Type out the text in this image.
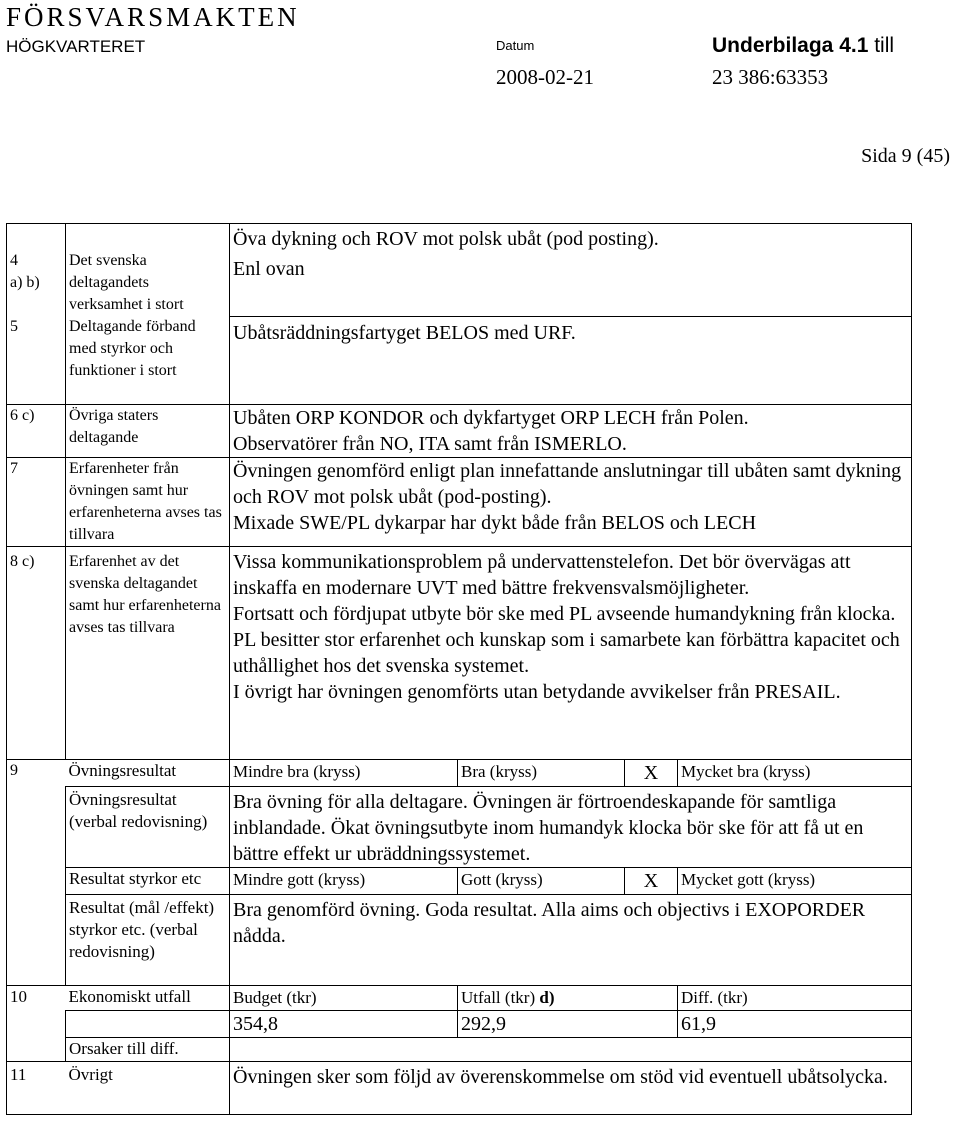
FÖRSVARSMAKTEN
HÖGKVARTERET	Datum	Underbilaga 4.1 till
2008-02-21	23 386:63353
Sida 9 (45)
4
a) b)	Det svenska deltagandets verksamhet i stort	Öva dykning och ROV mot polsk ubåt (pod posting).
Enl ovan			
5	Deltagande förband med styrkor och funktioner i stort	Ubåtsräddningsfartyget BELOS med URF.			
6 c)	Övriga staters deltagande	Ubåten ORP KONDOR och dykfartyget ORP LECH från Polen.
Observatörer från NO, ITA samt från ISMERLO.			
7	Erfarenheter från övningen samt hur erfarenheterna avses tas tillvara	Övningen genomförd enligt plan innefattande anslutningar till ubåten samt dykning och ROV mot polsk ubåt (pod-posting).
Mixade SWE/PL dykarpar har dykt både från BELOS och LECH			
8 c)	Erfarenhet av det svenska deltagandet samt hur erfarenheterna avses tas tillvara	Vissa kommunikationsproblem på undervattenstelefon. Det bör övervägas att inskaffa en modernare UVT med bättre frekvensvalsmöjligheter.
Fortsatt och fördjupat utbyte bör ske med PL avseende humandykning från klocka. PL besitter stor erfarenhet och kunskap som i samarbete kan förbättra kapacitet och uthållighet hos det svenska systemet.
I övrigt har övningen genomförts utan betydande avvikelser från PRESAIL.			
9	Övningsresultat	Mindre bra (kryss)	Bra (kryss)	X	Mycket bra (kryss)
	Övningsresultat (verbal redovisning)	Bra övning för alla deltagare. Övningen är förtroendeskapande för samtliga inblandade. Ökat övningsutbyte inom humandyk klocka bör ske för att få ut en bättre effekt ur ubräddningssystemet.			
	Resultat styrkor etc	Mindre gott (kryss)	Gott (kryss)	X	Mycket gott (kryss)
	Resultat (mål /effekt) styrkor etc. (verbal redovisning)	Bra genomförd övning. Goda resultat. Alla aims och objectivs i EXOPORDER nådda.			
10	Ekonomiskt utfall	Budget (tkr)	Utfall (tkr) d)		Diff. (tkr)
		354,8	292,9		61,9
	Orsaker till diff.				
11	Övrigt	Övningen sker som följd av överenskommelse om stöd vid eventuell ubåtsolycka.			
